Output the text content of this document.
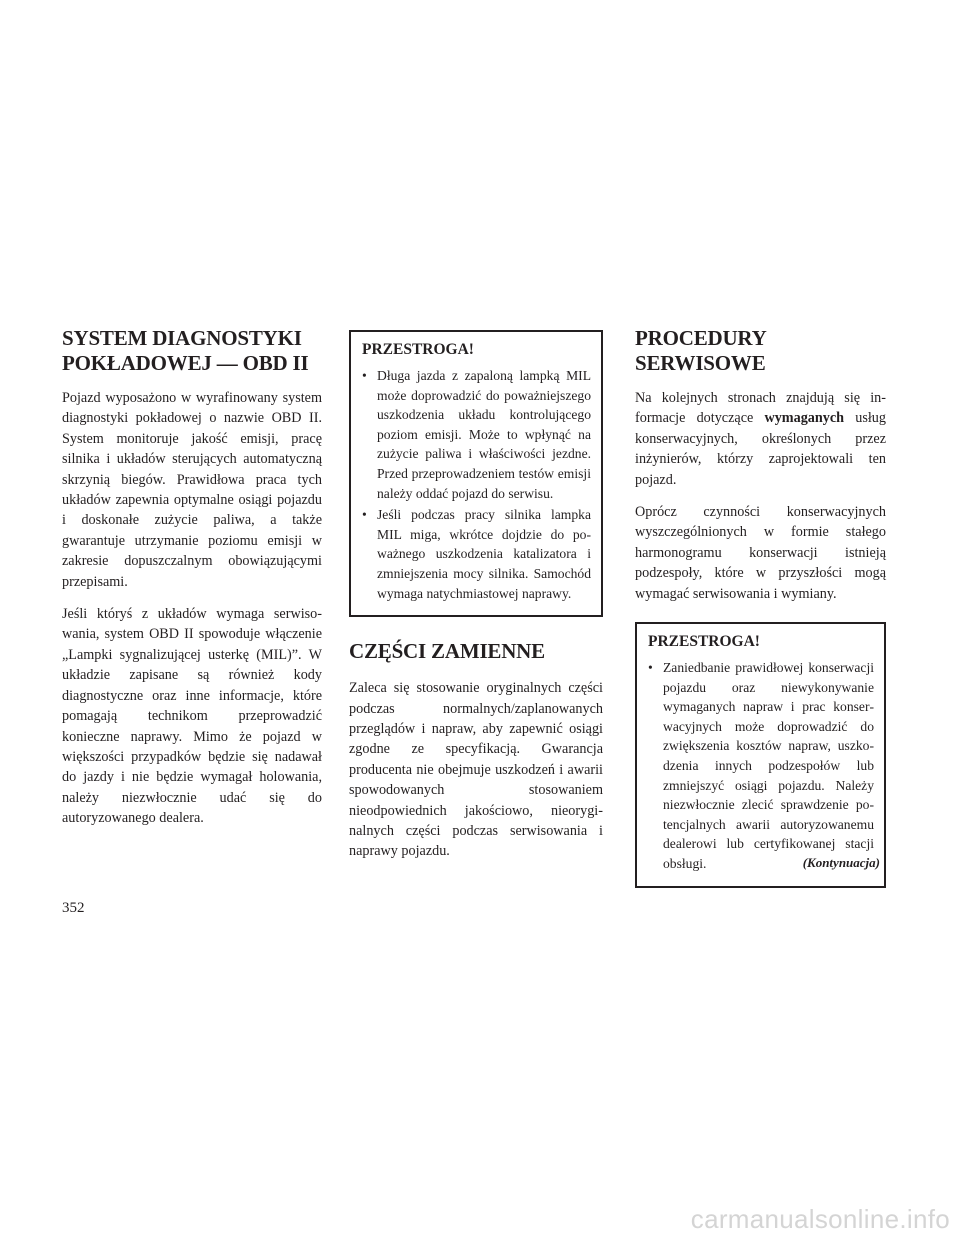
SYSTEM DIAGNOSTYKI
POKŁADOWEJ — OBD II

Pojazd wyposażono w wyrafinowany system diagnostyki pokładowej o nazwie OBD II. System monitoruje jakość emisji, pracę silnika i układów sterujących automatyczną skrzynią biegów. Prawidłowa praca tych układów zapewnia optymalne osiągi pojazdu i doskonałe zużycie paliwa, a także gwarantuje utrzymanie poziomu emisji w zakresie dopuszczalnym obowiązującymi przepisami.

Jeśli któryś z układów wymaga serwisowania, system OBD II spowoduje włączenie „Lampki sygnalizującej usterkę (MIL)”. W układzie zapisane są również kody diagnostyczne oraz inne informacje, które pomagają technikom przeprowadzić konieczne naprawy. Mimo że pojazd w większości przypadków będzie się nadawał do jazdy i nie będzie wymagał holowania, należy niezwłocznie udać się do autoryzowanego dealera.

PRZESTROGA!
• Długa jazda z zapaloną lampką MIL może doprowadzić do poważniejszego uszkodzenia układu kontrolującego poziom emisji. Może to wpłynąć na zużycie paliwa i właściwości jezdne. Przed przeprowadzeniem testów emisji należy oddać pojazd do serwisu.
• Jeśli podczas pracy silnika lampka MIL miga, wkrótce dojdzie do poważnego uszkodzenia katalizatora i zmniejszenia mocy silnika. Samochód wymaga natychmiastowej naprawy.
CZĘŚCI ZAMIENNE

Zaleca się stosowanie oryginalnych części podczas normalnych/zaplanowanych przeglądów i napraw, aby zapewnić osiągi zgodne ze specyfikacją. Gwarancja producenta nie obejmuje uszkodzeń i awarii spowodowanych stosowaniem nieodpowiednich jakościowo, nieoryginalnych części podczas serwisowania i naprawy pojazdu.

PROCEDURY
SERWISOWE

Na kolejnych stronach znajdują się informacje dotyczące wymaganych usług konserwacyjnych, określonych przez inżynierów, którzy zaprojektowali ten pojazd.

Oprócz czynności konserwacyjnych wyszczególnionych w formie stałego harmonogramu konserwacji istnieją podzespoły, które w przyszłości mogą wymagać serwisowania i wymiany.

PRZESTROGA!
• Zaniedbanie prawidłowej konserwacji pojazdu oraz niewykonywanie wymaganych napraw i prac konserwacyjnych może doprowadzić do zwiększenia kosztów napraw, uszkodzenia innych podzespołów lub zmniejszyć osiągi pojazdu. Należy niezwłocznie zlecić sprawdzenie potencjalnych awarii autoryzowanemu dealerowi lub certyfikowanej stacji obsługi.	(Kontynuacja)
352
carmanualsonline.info
